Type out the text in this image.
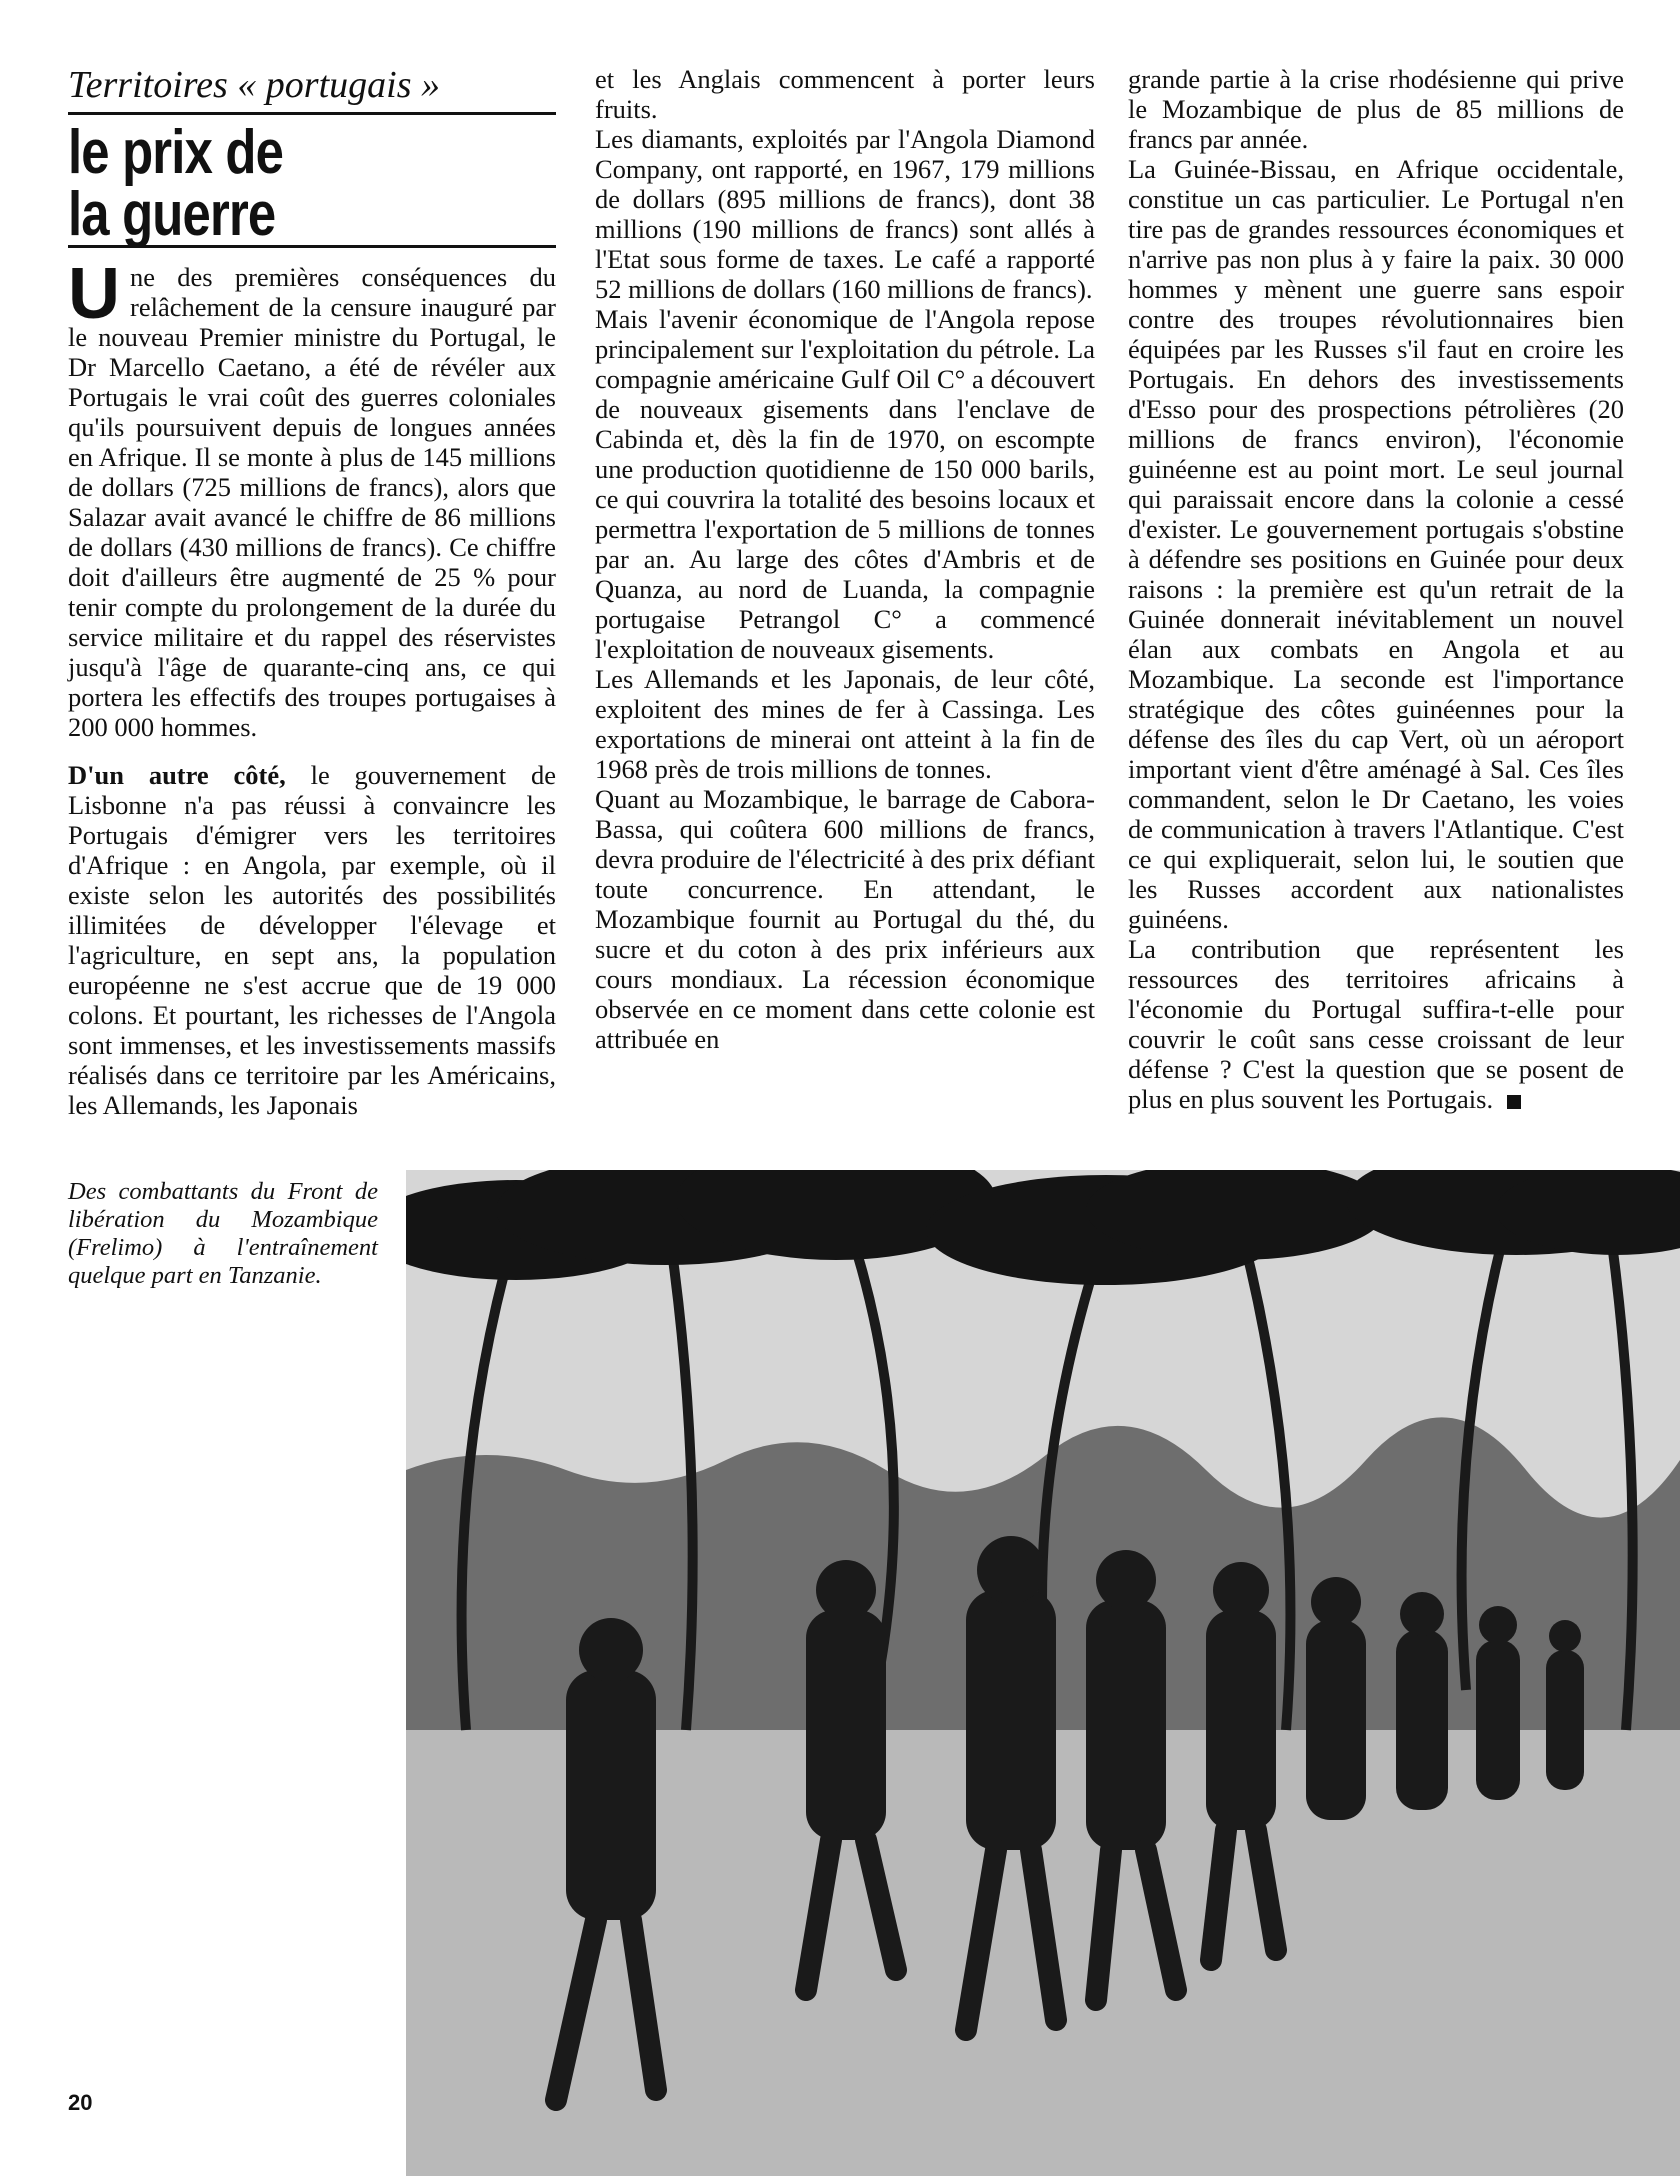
Territoires « portugais »
le prix de
la guerre

Une des premières conséquences du relâchement de la censure inauguré par le nouveau Premier ministre du Portugal, le Dr Marcello Caetano, a été de révéler aux Portugais le vrai coût des guerres coloniales qu'ils poursuivent depuis de longues années en Afrique. Il se monte à plus de 145 millions de dollars (725 millions de francs), alors que Salazar avait avancé le chiffre de 86 millions de dollars (430 millions de francs). Ce chiffre doit d'ailleurs être augmenté de 25 % pour tenir compte du prolongement de la durée du service militaire et du rappel des réservistes jusqu'à l'âge de quarante-cinq ans, ce qui portera les effectifs des troupes portugaises à 200 000 hommes.

D'un autre côté, le gouvernement de Lisbonne n'a pas réussi à convaincre les Portugais d'émigrer vers les territoires d'Afrique : en Angola, par exemple, où il existe selon les autorités des possibilités illimitées de développer l'élevage et l'agriculture, en sept ans, la population européenne ne s'est accrue que de 19 000 colons. Et pourtant, les richesses de l'Angola sont immenses, et les investissements massifs réalisés dans ce territoire par les Américains, les Allemands, les Japonais

et les Anglais commencent à porter leurs fruits.

Les diamants, exploités par l'Angola Diamond Company, ont rapporté, en 1967, 179 millions de dollars (895 millions de francs), dont 38 millions (190 millions de francs) sont allés à l'Etat sous forme de taxes. Le café a rapporté 52 millions de dollars (160 millions de francs).

Mais l'avenir économique de l'Angola repose principalement sur l'exploitation du pétrole. La compagnie américaine Gulf Oil C° a découvert de nouveaux gisements dans l'enclave de Cabinda et, dès la fin de 1970, on escompte une production quotidienne de 150 000 barils, ce qui couvrira la totalité des besoins locaux et permettra l'exportation de 5 millions de tonnes par an. Au large des côtes d'Ambris et de Quanza, au nord de Luanda, la compagnie portugaise Petrangol C° a commencé l'exploitation de nouveaux gisements.

Les Allemands et les Japonais, de leur côté, exploitent des mines de fer à Cassinga. Les exportations de minerai ont atteint à la fin de 1968 près de trois millions de tonnes.

Quant au Mozambique, le barrage de Cabora-Bassa, qui coûtera 600 millions de francs, devra produire de l'électricité à des prix défiant toute concurrence. En attendant, le Mozambique fournit au Portugal du thé, du sucre et du coton à des prix inférieurs aux cours mondiaux. La récession économique observée en ce moment dans cette colonie est attribuée en

grande partie à la crise rhodésienne qui prive le Mozambique de plus de 85 millions de francs par année.

La Guinée-Bissau, en Afrique occidentale, constitue un cas particulier. Le Portugal n'en tire pas de grandes ressources économiques et n'arrive pas non plus à y faire la paix. 30 000 hommes y mènent une guerre sans espoir contre des troupes révolutionnaires bien équipées par les Russes s'il faut en croire les Portugais. En dehors des investissements d'Esso pour des prospections pétrolières (20 millions de francs environ), l'économie guinéenne est au point mort. Le seul journal qui paraissait encore dans la colonie a cessé d'exister. Le gouvernement portugais s'obstine à défendre ses positions en Guinée pour deux raisons : la première est qu'un retrait de la Guinée donnerait inévitablement un nouvel élan aux combats en Angola et au Mozambique. La seconde est l'importance stratégique des côtes guinéennes pour la défense des îles du cap Vert, où un aéroport important vient d'être aménagé à Sal. Ces îles commandent, selon le Dr Caetano, les voies de communication à travers l'Atlantique. C'est ce qui expliquerait, selon lui, le soutien que les Russes accordent aux nationalistes guinéens.

La contribution que représentent les ressources des territoires africains à l'économie du Portugal suffira-t-elle pour couvrir le coût sans cesse croissant de leur défense ? C'est la question que se posent de plus en plus souvent les Portugais.

Des combattants du Front de libération du Mozambique (Frelimo) à l'entraînement quelque part en Tanzanie.
20
